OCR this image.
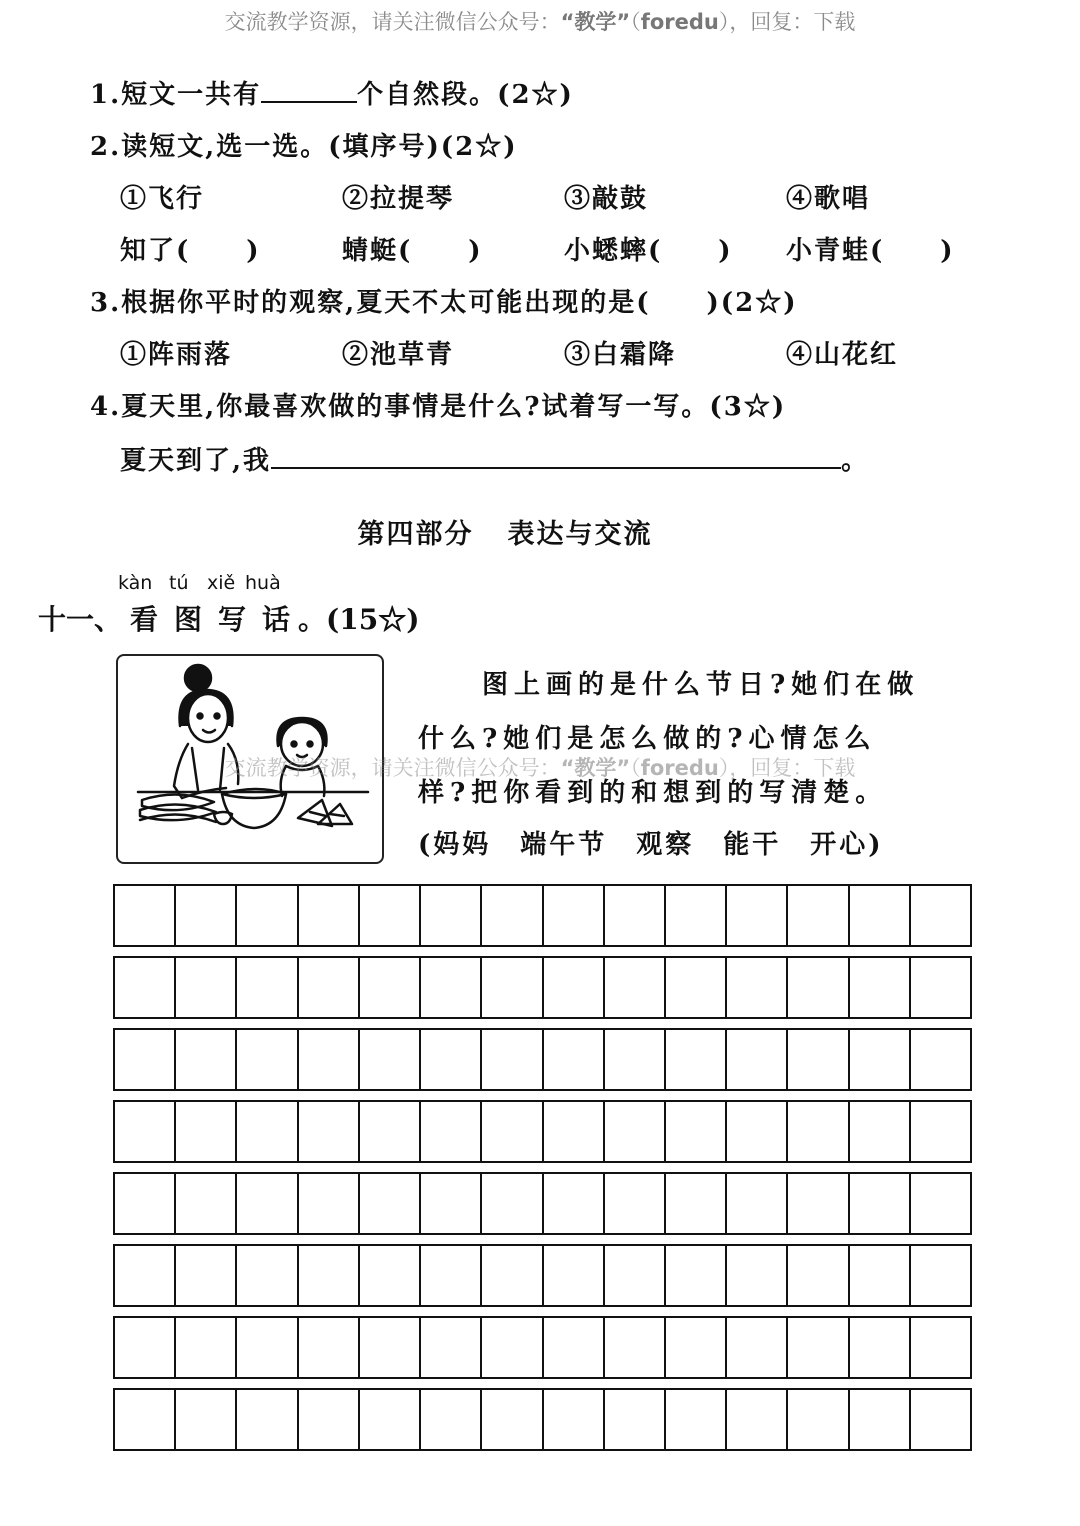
交流教学资源，请关注微信公众号：“教学”（foredu），回复：下载
1.短文一共有	个自然段。(2☆)
2.读短文,选一选。(填序号)(2☆)
①飞行	②拉提琴	③敲鼓	④歌唱
知了(　　)	蜻蜓(　　)	小蟋蟀(　　) 小青蛙(　　)
3.根据你平时的观察,夏天不太可能出现的是(　　)(2☆)
①阵雨落	②池草青	③白霜降	④山花红
4.夏天里,你最喜欢做的事情是什么?试着写一写。(3☆)
夏天到了,我	。
第四部分 表达与交流
kàn tú xiě huà
十一、 看 图 写 话 。(15☆)
图上画的是什么节日?她们在做
什么?她们是怎么做的?心情怎么
样?把你看到的和想到的写清楚。
(妈妈　端午节　观察　能干　开心)
交流教学资源，请关注微信公众号：“教学”（foredu），回复：下载
